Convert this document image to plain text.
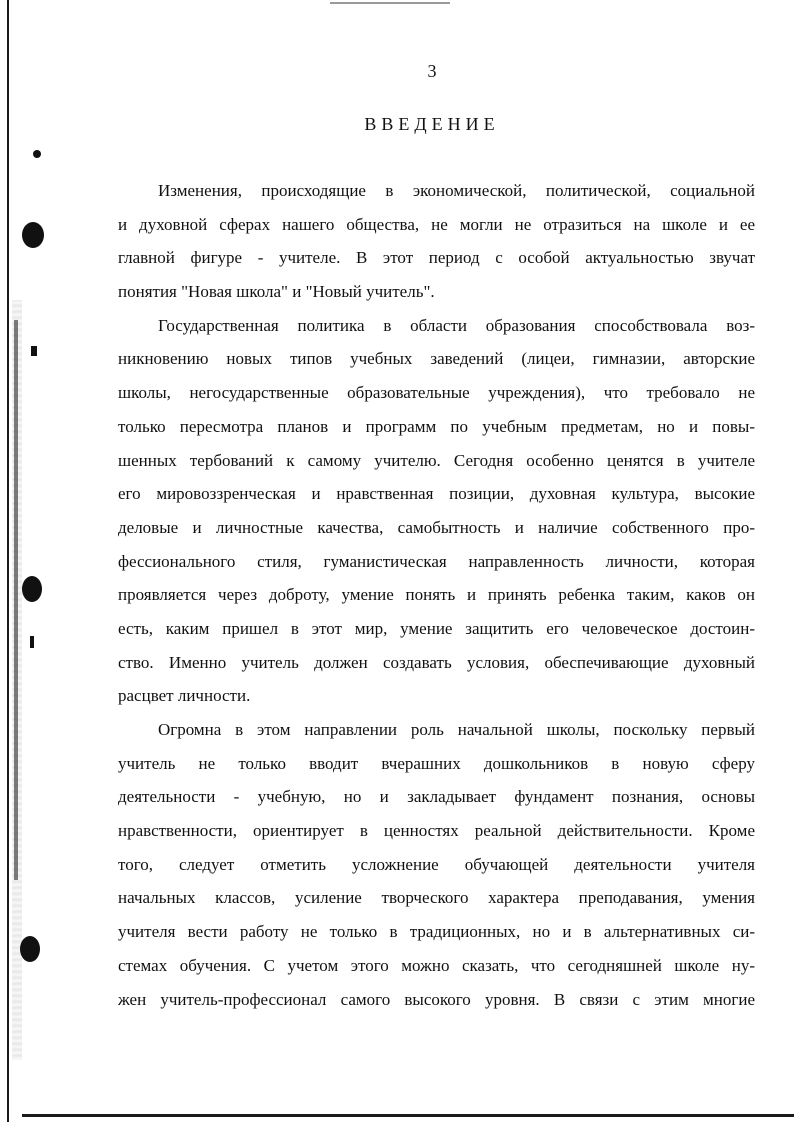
3
ВВЕДЕНИЕ
Изменения, происходящие в экономической, политической, социальной
и духовной сферах нашего общества, не могли не отразиться на школе и ее
главной фигуре - учителе. В этот период с особой актуальностью звучат
понятия "Новая школа" и "Новый учитель".
Государственная политика в области образования способствовала воз-
никновению новых типов учебных заведений (лицеи, гимназии, авторские
школы, негосударственные образовательные учреждения), что требовало не
только пересмотра планов и программ по учебным предметам, но и повы-
шенных тербований к самому учителю. Сегодня особенно ценятся в учителе
его мировоззренческая и нравственная позиции, духовная культура, высокие
деловые и личностные качества, самобытность и наличие собственного про-
фессионального стиля, гуманистическая направленность личности, которая
проявляется через доброту, умение понять и принять ребенка таким, каков он
есть, каким пришел в этот мир, умение защитить его человеческое достоин-
ство. Именно учитель должен создавать условия, обеспечивающие духовный
расцвет личности.
Огромна в этом направлении роль начальной школы, поскольку первый
учитель не только вводит вчерашних дошкольников в новую сферу
деятельности - учебную, но и закладывает фундамент познания, основы
нравственности, ориентирует в ценностях реальной действительности. Кроме
того, следует отметить усложнение обучающей деятельности учителя
начальных классов, усиление творческого характера преподавания, умения
учителя вести работу не только в традиционных, но и в альтернативных си-
стемах обучения. С учетом этого можно сказать, что сегодняшней школе ну-
жен учитель-профессионал самого высокого уровня. В связи с этим многие
